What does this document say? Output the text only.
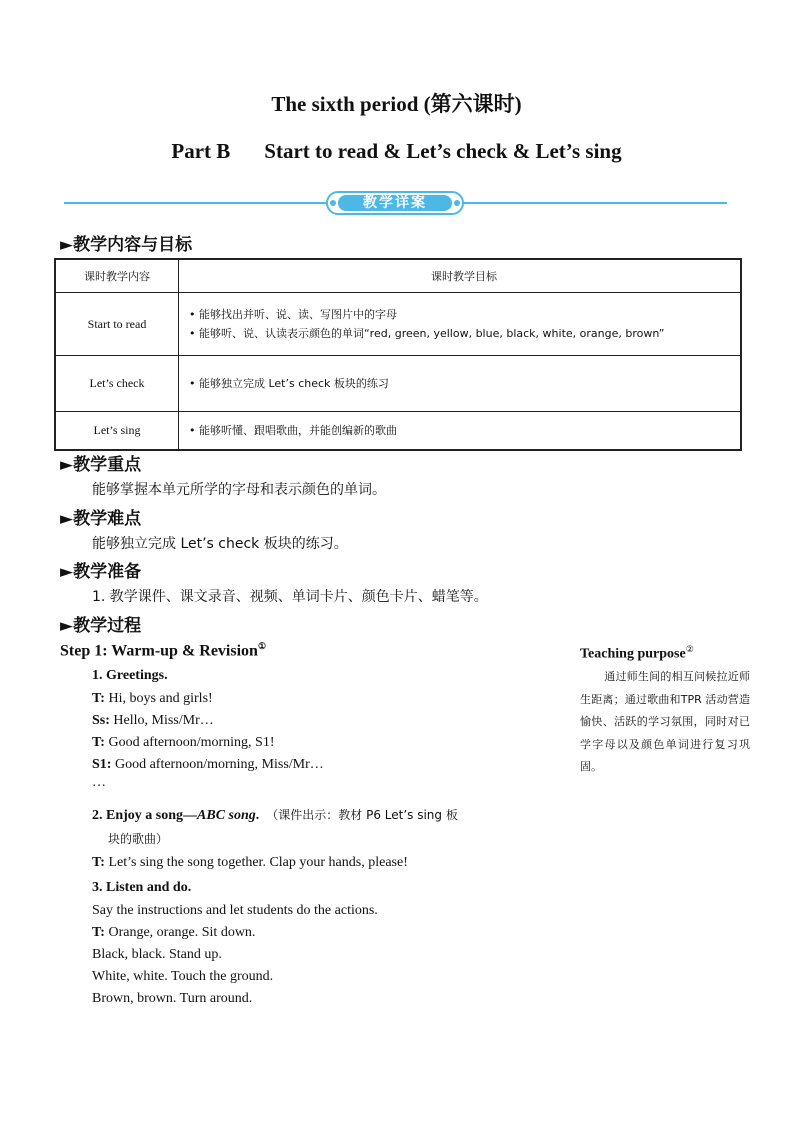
The sixth period (第六课时)
Part B Start to read & Let’s check & Let’s sing
教学详案
►教学内容与目标
课时教学内容	课时教学目标
Start to read	• 能够找出并听、说、读、写图片中的字母
• 能够听、说、认读表示颜色的单词“red, green, yellow, blue, black, white, orange, brown”

Let’s check	• 能够独立完成 Let’s check 板块的练习

Let’s sing	• 能够听懂、跟唱歌曲，并能创编新的歌曲
►教学重点
能够掌握本单元所学的字母和表示颜色的单词。
►教学难点
能够独立完成 Let’s check 板块的练习。
►教学准备
1. 教学课件、课文录音、视频、单词卡片、颜色卡片、蜡笔等。
►教学过程
Step 1: Warm-up & Revision①
Teaching purpose②
通过师生间的相互问候拉近师生距离；通过歌曲和TPR 活动营造愉快、活跃的学习氛围，同时对已学字母以及颜色单词进行复习巩固。
1. Greetings.
T: Hi, boys and girls!
Ss: Hello, Miss/Mr…
T: Good afternoon/morning, S1!
S1: Good afternoon/morning, Miss/Mr…
…
2. Enjoy a song—ABC song. （课件出示：教材 P6 Let’s sing 板
块的歌曲）
T: Let’s sing the song together. Clap your hands, please!
3. Listen and do.
Say the instructions and let students do the actions.
T: Orange, orange. Sit down.
Black, black. Stand up.
White, white. Touch the ground.
Brown, brown. Turn around.
